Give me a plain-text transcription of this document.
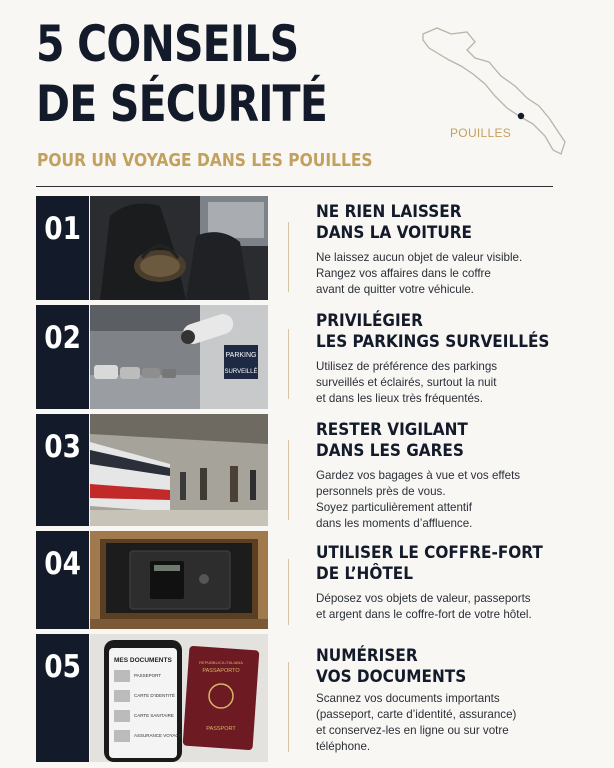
5 CONSEILS
DE SÉCURITÉ
POUR UN VOYAGE DANS LES POUILLES
POUILLES
01	NE RIEN LAISSER
DANS LA VOITURE
Ne laissez aucun objet de valeur visible.
Rangez vos affaires dans le coffre
avant de quitter votre véhicule.
02	PARKING
SURVEILLÉ
PRIVILÉGIER
LES PARKINGS SURVEILLÉS
Utilisez de préférence des parkings
surveillés et éclairés, surtout la nuit
et dans les lieux très fréquentés.
03	RESTER VIGILANT
DANS LES GARES
Gardez vos bagages à vue et vos effets
personnels près de vous.
Soyez particulièrement attentif
dans les moments d’affluence.
04	UTILISER LE COFFRE-FORT
DE L’HÔTEL
Déposez vos objets de valeur, passeports
et argent dans le coffre-fort de votre hôtel.
05	MES DOCUMENTS
PASSEPORT
CARTE D'IDENTITÉ
CARTE SANITAIRE
ASSURANCE VOYAGE
REPUBBLICA ITALIANA
PASSAPORTO
PASSPORT
NUMÉRISER
VOS DOCUMENTS
Scannez vos documents importants
(passeport, carte d’identité, assurance)
et conservez-les en ligne ou sur votre
téléphone.
